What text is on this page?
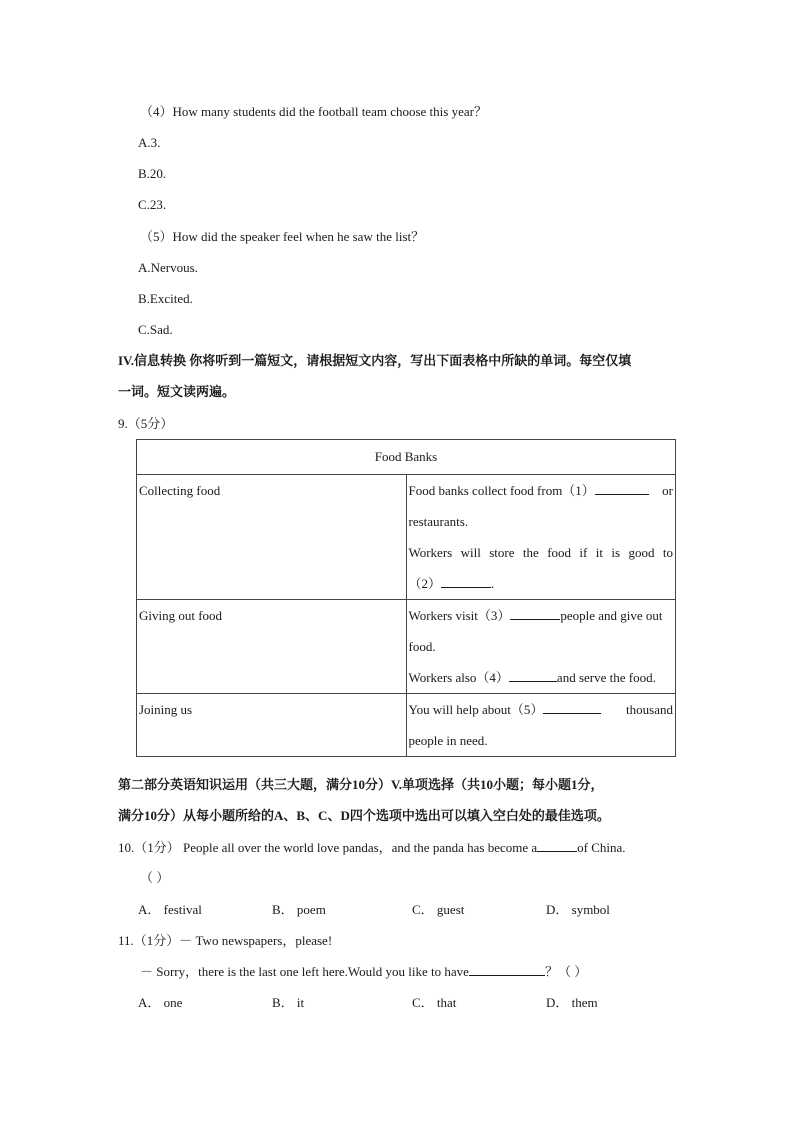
（4）How many students did the football team choose this year？
A.3.
B.20.
C.23.
（5）How did the speaker feel when he saw the list？
A.Nervous.
B.Excited.
C.Sad.
IV.信息转换 你将听到一篇短文，请根据短文内容，写出下面表格中所缺的单词。每空仅填
一词。短文读两遍。
9.（5分）
Food Banks	
Collecting food	Food banks collect food from（1） or
restaurants.
Workers will store the food if it is good to
（2） .

Giving out food	Workers visit（3） people and give out
food.
Workers also（4） and serve the food.

Joining us	You will help about（5） thousand
people in need.
第二部分英语知识运用（共三大题，满分10分）V.单项选择（共10小题；每小题1分，
满分10分）从每小题所给的A、B、C、D四个选项中选出可以填入空白处的最佳选项。
10.（1分） People all over the world love pandas，and the panda has become a	of China.
（ ）
A． festival	B． poem	C． guest	D． symbol
11.（1分）－ Two newspapers，please!
－ Sorry，there is the last one left here.Would you like to have	？（ ）
A． one	B． it	C． that	D． them
